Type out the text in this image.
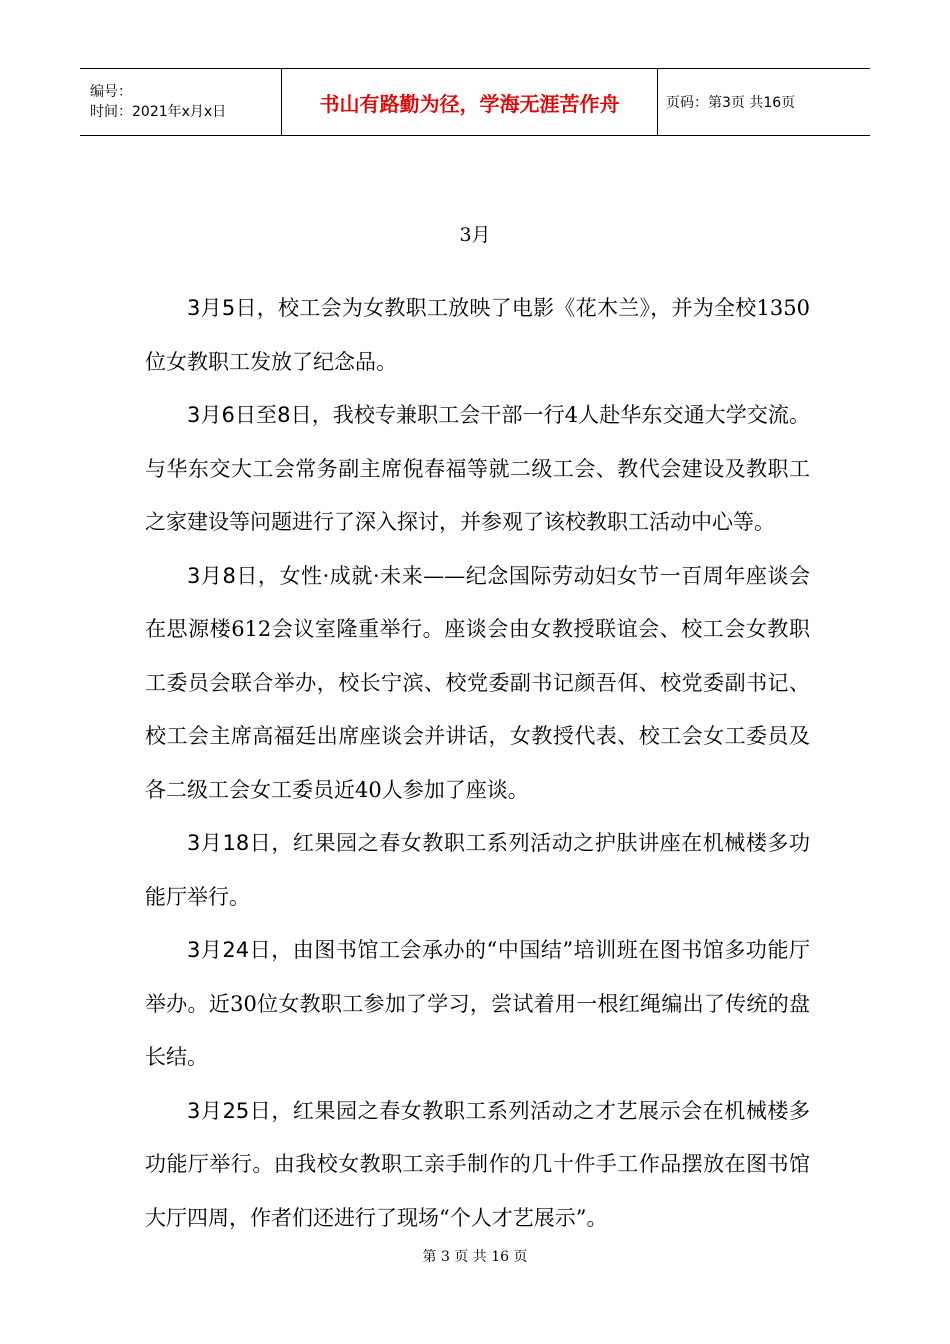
编号：
时间：2021年x月x日	书山有路勤为径，学海无涯苦作舟	页码：第3页 共16页
3月

3月5日，校工会为女教职工放映了电影《花木兰》，并为全校1350位女教职工发放了纪念品。

3月6日至8日，我校专兼职工会干部一行4人赴华东交通大学交流。与华东交大工会常务副主席倪春福等就二级工会、教代会建设及教职工之家建设等问题进行了深入探讨，并参观了该校教职工活动中心等。

3月8日，女性·成就·未来——纪念国际劳动妇女节一百周年座谈会在思源楼612会议室隆重举行。座谈会由女教授联谊会、校工会女教职工委员会联合举办，校长宁滨、校党委副书记颜吾佴、校党委副书记、校工会主席高福廷出席座谈会并讲话，女教授代表、校工会女工委员及各二级工会女工委员近40人参加了座谈。

3月18日，红果园之春女教职工系列活动之护肤讲座在机械楼多功能厅举行。

3月24日，由图书馆工会承办的“中国结”培训班在图书馆多功能厅举办。近30位女教职工参加了学习，尝试着用一根红绳编出了传统的盘长结。

3月25日，红果园之春女教职工系列活动之才艺展示会在机械楼多功能厅举行。由我校女教职工亲手制作的几十件手工作品摆放在图书馆大厅四周，作者们还进行了现场“个人才艺展示”。

第 3 页 共 16 页
